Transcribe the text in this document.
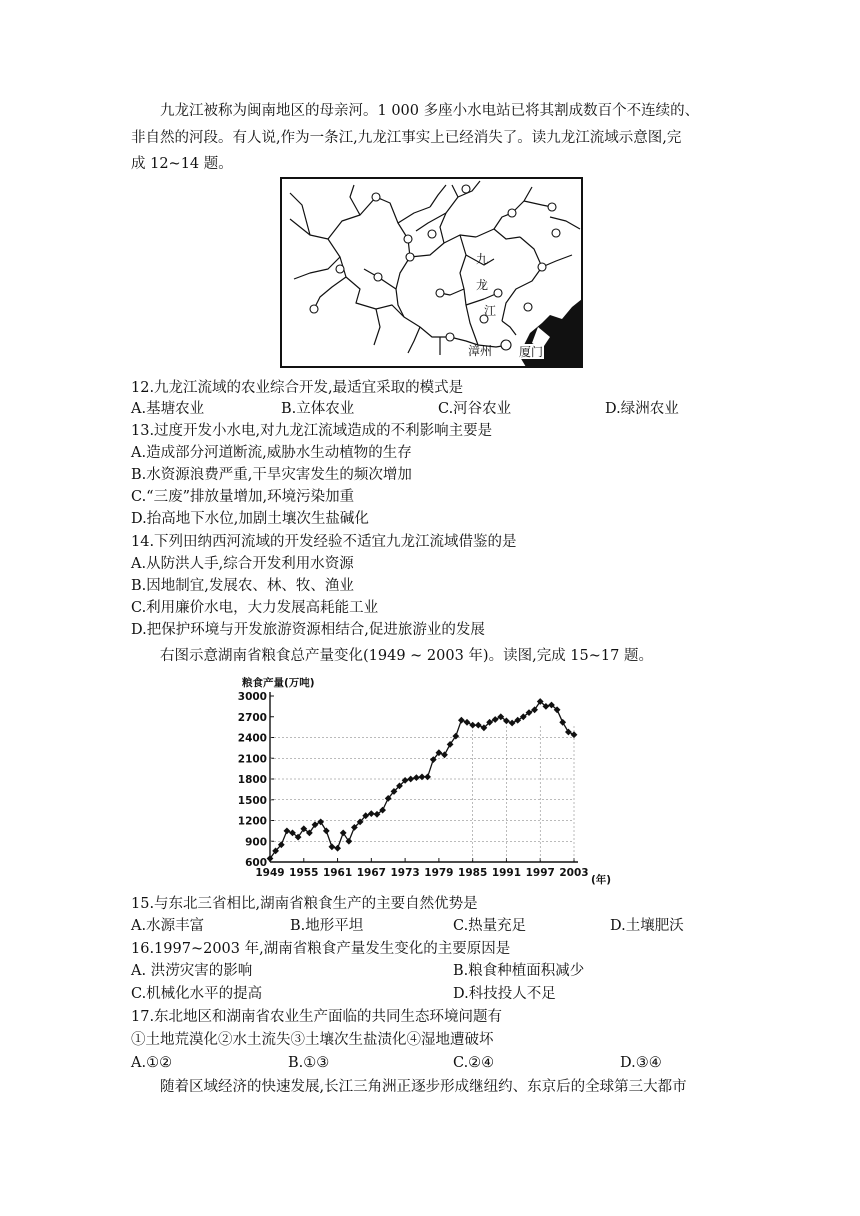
九龙江被称为闽南地区的母亲河。1 000 多座小水电站已将其割成数百个不连续的、
非自然的河段。有人说,作为一条江,九龙江事实上已经消失了。读九龙江流域示意图,完
成 12~14 题。
九
龙
江
漳州 厦门
12.九龙江流域的农业综合开发,最适宜采取的模式是
A.基塘农业	B.立体农业	C.河谷农业	D.绿洲农业
13.过度开发小水电,对九龙江流域造成的不利影响主要是
A.造成部分河道断流,威胁水生动植物的生存
B.水资源浪费严重,干旱灾害发生的频次增加
C.“三废”排放量增加,环境污染加重
D.抬高地下水位,加剧土壤次生盐碱化
14.下列田纳西河流域的开发经验不适宜九龙江流域借鉴的是
A.从防洪人手,综合开发利用水资源
B.因地制宜,发展农、林、牧、渔业
C.利用廉价水电，大力发展高耗能工业
D.把保护环境与开发旅游资源相结合,促进旅游业的发展
右图示意湖南省粮食总产量变化(1949 ~ 2003 年)。读图,完成 15~17 题。
600
900
1200
1500
1800
2100
2400
2700
3000
1949 1955 1961 1967 1973 1979 1985 1991 1997 2003
粮食产量(万吨)
(年)
15.与东北三省相比,湖南省粮食生产的主要自然优势是
A.水源丰富	B.地形平坦	C.热量充足	D.土壤肥沃
16.1997~2003 年,湖南省粮食产量发生变化的主要原因是
A. 洪涝灾害的影响	B.粮食种植面积减少
C.机械化水平的提高	D.科技投人不足
17.东北地区和湖南省农业生产面临的共同生态环境问题有
①土地荒漠化②水土流失③土壤次生盐渍化④湿地遭破坏
A.①②	B.①③	C.②④	D.③④
随着区域经济的快速发展,长江三角洲正逐步形成继纽约、东京后的全球第三大都市
